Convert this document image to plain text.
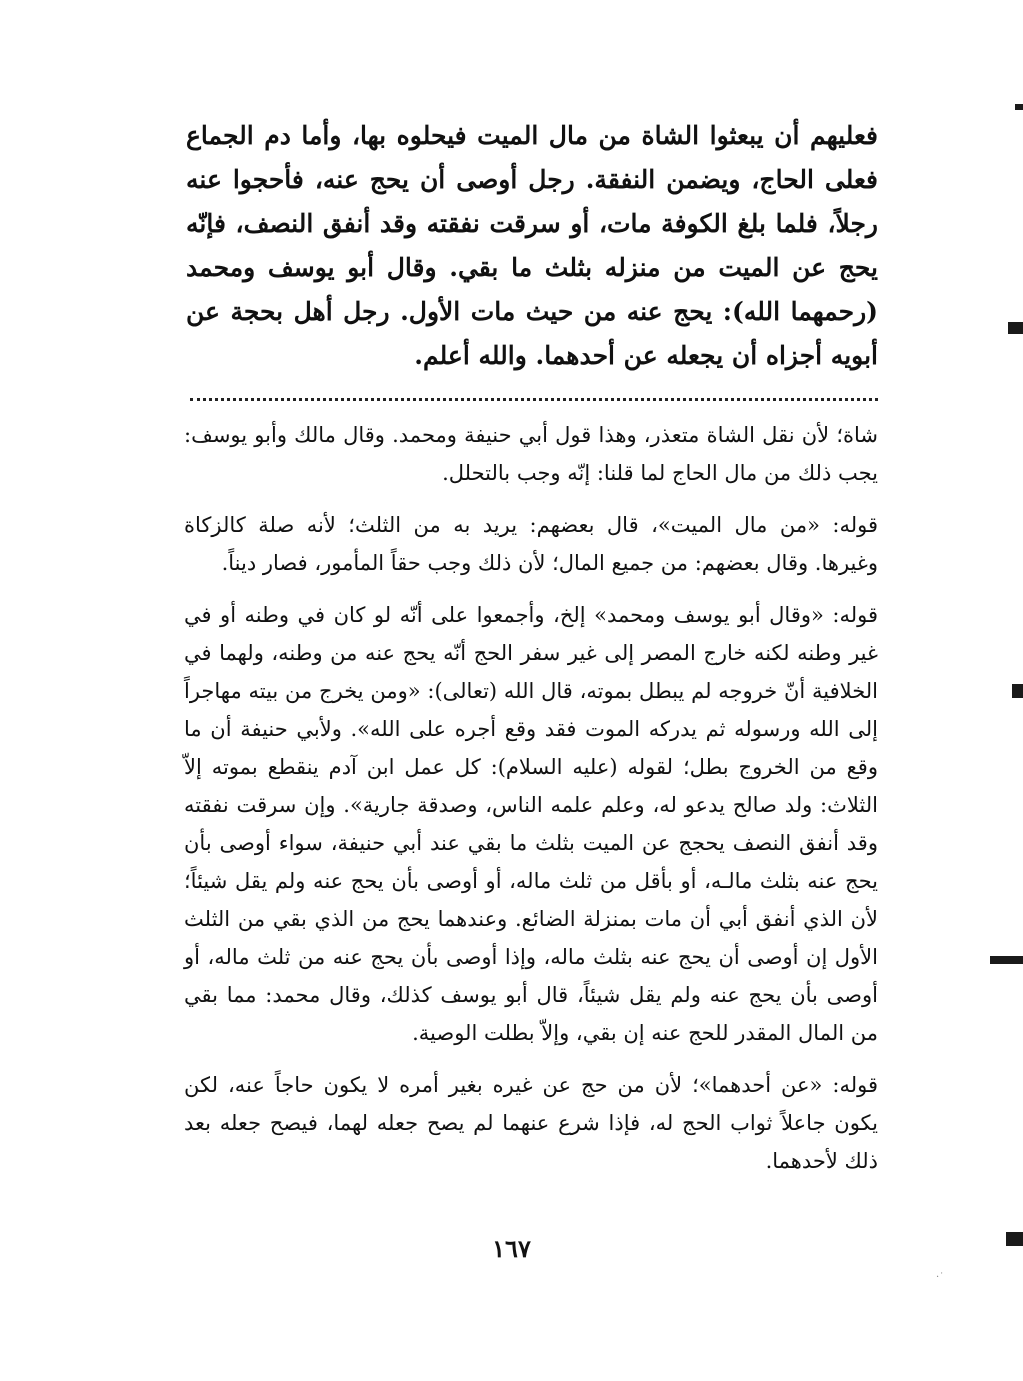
فعليهم أن يبعثوا الشاة من مال الميت فيحلوه بها، وأما دم الجماع فعلى الحاج، ويضمن النفقة. رجل أوصى أن يحج عنه، فأحجوا عنه رجلاً، فلما بلغ الكوفة مات، أو سرقت نفقته وقد أنفق النصف، فإنّه يحج عن الميت من منزله بثلث ما بقي. وقال أبو يوسف ومحمد (رحمهما الله): يحج عنه من حيث مات الأول. رجل أهل بحجة عن أبويه أجزاه أن يجعله عن أحدهما. والله أعلم.

شاة؛ لأن نقل الشاة متعذر، وهذا قول أبي حنيفة ومحمد. وقال مالك وأبو يوسف: يجب ذلك من مال الحاج لما قلنا: إنّه وجب بالتحلل.

قوله: «من مال الميت»، قال بعضهم: يريد به من الثلث؛ لأنه صلة كالزكاة وغيرها. وقال بعضهم: من جميع المال؛ لأن ذلك وجب حقاً المأمور، فصار ديناً.

قوله: «وقال أبو يوسف ومحمد» إلخ، وأجمعوا على أنّه لو كان في وطنه أو في غير وطنه لكنه خارج المصر إلى غير سفر الحج أنّه يحج عنه من وطنه، ولهما في الخلافية أنّ خروجه لم يبطل بموته، قال الله (تعالى): «ومن يخرج من بيته مهاجراً إلى الله ورسوله ثم يدركه الموت فقد وقع أجره على الله». ولأبي حنيفة أن ما وقع من الخروج بطل؛ لقوله (عليه السلام): كل عمل ابن آدم ينقطع بموته إلاّ الثلاث: ولد صالح يدعو له، وعلم علمه الناس، وصدقة جارية». وإن سرقت نفقته وقد أنفق النصف يحجج عن الميت بثلث ما بقي عند أبي حنيفة، سواء أوصى بأن يحج عنه بثلث مالـه، أو بأقل من ثلث ماله، أو أوصى بأن يحج عنه ولم يقل شيئاً؛ لأن الذي أنفق أبي أن مات بمنزلة الضائع. وعندهما يحج من الذي بقي من الثلث الأول إن أوصى أن يحج عنه بثلث ماله، وإذا أوصى بأن يحج عنه من ثلث ماله، أو أوصى بأن يحج عنه ولم يقل شيئاً، قال أبو يوسف كذلك، وقال محمد: مما بقي من المال المقدر للحج عنه إن بقي، وإلاّ بطلت الوصية.

قوله: «عن أحدهما»؛ لأن من حج عن غيره بغير أمره لا يكون حاجاً عنه، لكن يكون جاعلاً ثواب الحج له، فإذا شرع عنهما لم يصح جعله لهما، فيصح جعله بعد ذلك لأحدهما.

١٦٧
·˙
